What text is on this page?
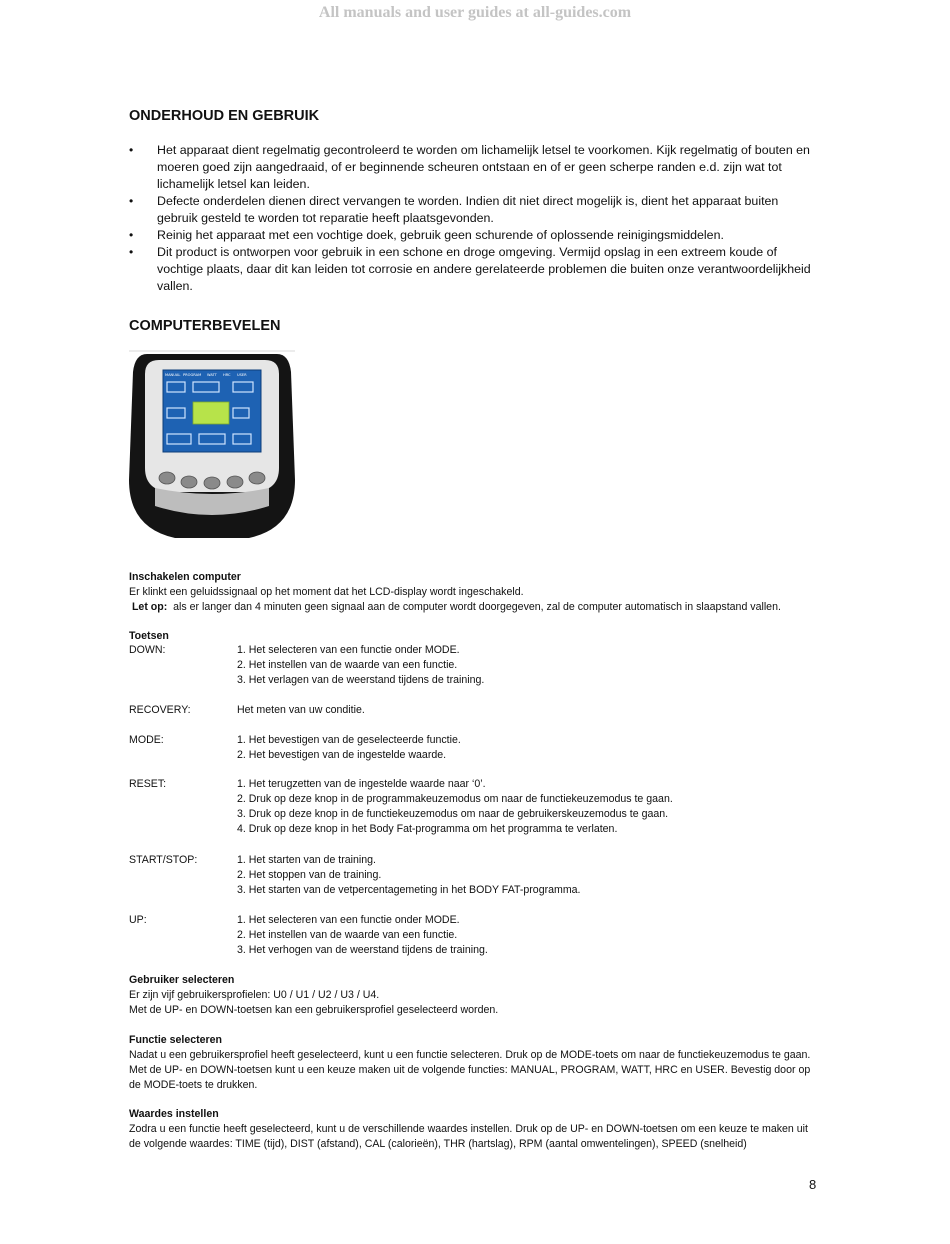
All manuals and user guides at all-guides.com
ONDERHOUD EN GEBRUIK
• Het apparaat dient regelmatig gecontroleerd te worden om lichamelijk letsel te voorkomen. Kijk regelmatig of bouten en moeren goed zijn aangedraaid, of er beginnende scheuren ontstaan en of er geen scherpe randen e.d. zijn wat tot lichamelijk letsel kan leiden.
• Defecte onderdelen dienen direct vervangen te worden. Indien dit niet direct mogelijk is, dient het apparaat buiten gebruik gesteld te worden tot reparatie heeft plaatsgevonden.
• Reinig het apparaat met een vochtige doek, gebruik geen schurende of oplossende reinigingsmiddelen.
• Dit product is ontworpen voor gebruik in een schone en droge omgeving. Vermijd opslag in een extreem koude of vochtige plaats, daar dit kan leiden tot corrosie en andere gerelateerde problemen die buiten onze verantwoordelijkheid vallen.
COMPUTERBEVELEN
MANUAL PROGRAM WATT HRC USER
Inschakelen computer
Er klinkt een geluidssignaal op het moment dat het LCD-display wordt ingeschakeld.
Let op: als er langer dan 4 minuten geen signaal aan de computer wordt doorgegeven, zal de computer automatisch in slaapstand vallen.
Toetsen
DOWN:	1. Het selecteren van een functie onder MODE.
2. Het instellen van de waarde van een functie.
3. Het verlagen van de weerstand tijdens de training.
RECOVERY:	Het meten van uw conditie.
MODE:	1. Het bevestigen van de geselecteerde functie.
2. Het bevestigen van de ingestelde waarde.
RESET:	1. Het terugzetten van de ingestelde waarde naar ‘0’.
2. Druk op deze knop in de programmakeuzemodus om naar de functiekeuzemodus te gaan.
3. Druk op deze knop in de functiekeuzemodus om naar de gebruikerskeuzemodus te gaan.
4. Druk op deze knop in het Body Fat-programma om het programma te verlaten.
START/STOP:	1. Het starten van de training.
2. Het stoppen van de training.
3. Het starten van de vetpercentagemeting in het BODY FAT-programma.
UP:	1. Het selecteren van een functie onder MODE.
2. Het instellen van de waarde van een functie.
3. Het verhogen van de weerstand tijdens de training.
Gebruiker selecteren
Er zijn vijf gebruikersprofielen: U0 / U1 / U2 / U3 / U4.
Met de UP- en DOWN-toetsen kan een gebruikersprofiel geselecteerd worden.
Functie selecteren
Nadat u een gebruikersprofiel heeft geselecteerd, kunt u een functie selecteren. Druk op de MODE-toets om naar de functiekeuzemodus te gaan. Met de UP- en DOWN-toetsen kunt u een keuze maken uit de volgende functies: MANUAL, PROGRAM, WATT, HRC en USER. Bevestig door op de MODE-toets te drukken.
Waardes instellen
Zodra u een functie heeft geselecteerd, kunt u de verschillende waardes instellen. Druk op de UP- en DOWN-toetsen om een keuze te maken uit de volgende waardes: TIME (tijd), DIST (afstand), CAL (calorieën), THR (hartslag), RPM (aantal omwentelingen), SPEED (snelheid)
8
